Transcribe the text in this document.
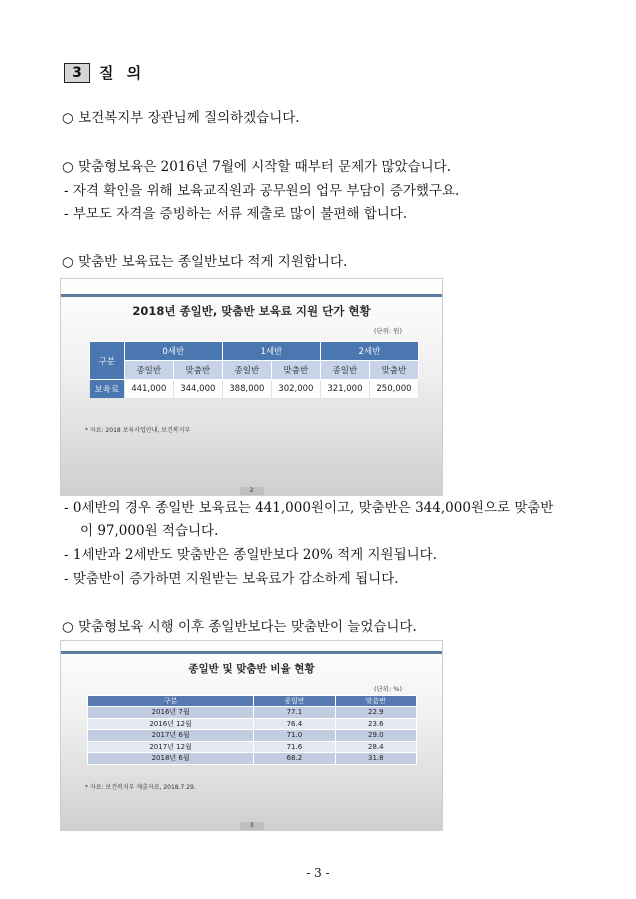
3	질 의
○ 보건복지부 장관님께 질의하겠습니다.
○ 맞춤형보육은 2016년 7월에 시작할 때부터 문제가 많았습니다.
- 자격 확인을 위해 보육교직원과 공무원의 업무 부담이 증가했구요.
- 부모도 자격을 증빙하는 서류 제출로 많이 불편해 합니다.
○ 맞춤반 보육료는 종일반보다 적게 지원합니다.
2018년 종일반, 맞춤반 보육료 지원 단가 현황
(단위: 원)
구분	0세반		1세반		2세반	
	종일반	맞춤반	종일반	맞춤반	종일반	맞춤반
보육료	441,000	344,000	388,000	302,000	321,000	250,000
* 자료: 2018 보육사업안내, 보건복지부
2
- 0세반의 경우 종일반 보육료는 441,000원이고, 맞춤반은 344,000원으로 맞춤반
이 97,000원 적습니다.
- 1세반과 2세반도 맞춤반은 종일반보다 20% 적게 지원됩니다.
- 맞춤반이 증가하면 지원받는 보육료가 감소하게 됩니다.
○ 맞춤형보육 시행 이후 종일반보다는 맞춤반이 늘었습니다.
종일반 및 맞춤반 비율 현황
(단위: %)
구분	종일반	맞춤반
2016년 7월	77.1	22.9
2016년 12월	76.4	23.6
2017년 6월	71.0	29.0
2017년 12월	71.6	28.4
2018년 6월	68.2	31.8
* 자료: 보건복지부 제출자료, 2018.7.29.
3
- 3 -
